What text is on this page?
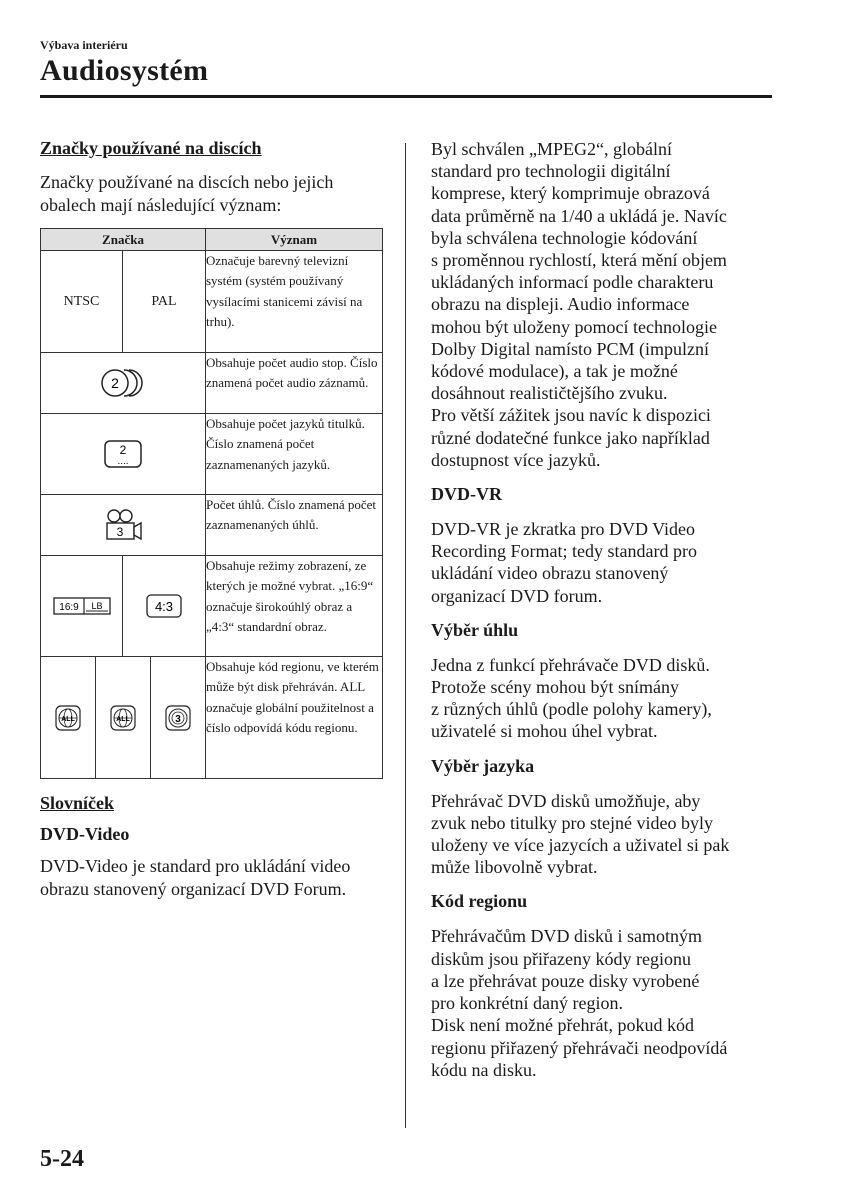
Výbava interiéru
Audiosystém
Značky používané na discích
Značky používané na discích nebo jejich obalech mají následující význam:
Značka				Význam
NTSC		PAL		Označuje barevný televizní systém (systém používaný vysílacími stanicemi závisí na trhu).

2				Obsahuje počet audio stop. Číslo znamená počet audio záznamů.

2
....				Obsahuje počet jazyků titulků. Číslo znamená počet zaznamenaných jazyků.

3				Počet úhlů. Číslo znamená počet zaznamenaných úhlů.

16:9 LB		4:3		Obsahuje režimy zobrazení, ze kterých je možné vybrat. „16:9“ označuje širokoúhlý obraz a „4:3“ standardní obraz.

ALL	ALL		3	Obsahuje kód regionu, ve kterém může být disk přehráván. ALL označuje globální použitelnost a číslo odpovídá kódu regionu.
Slovníček
DVD-Video
DVD-Video je standard pro ukládání video obrazu stanovený organizací DVD Forum.
Byl schválen „MPEG2“, globální
standard pro technologii digitální
komprese, který komprimuje obrazová
data průměrně na 1/40 a ukládá je. Navíc
byla schválena technologie kódování
s proměnnou rychlostí, která mění objem
ukládaných informací podle charakteru
obrazu na displeji. Audio informace
mohou být uloženy pomocí technologie
Dolby Digital namísto PCM (impulzní
kódové modulace), a tak je možné
dosáhnout realističtějšího zvuku.
Pro větší zážitek jsou navíc k dispozici
různé dodatečné funkce jako například
dostupnost více jazyků.
DVD-VR
DVD-VR je zkratka pro DVD Video
Recording Format; tedy standard pro
ukládání video obrazu stanovený
organizací DVD forum.
Výběr úhlu
Jedna z funkcí přehrávače DVD disků.
Protože scény mohou být snímány
z různých úhlů (podle polohy kamery),
uživatelé si mohou úhel vybrat.
Výběr jazyka
Přehrávač DVD disků umožňuje, aby
zvuk nebo titulky pro stejné video byly
uloženy ve více jazycích a uživatel si pak
může libovolně vybrat.
Kód regionu
Přehrávačům DVD disků i samotným
diskům jsou přiřazeny kódy regionu
a lze přehrávat pouze disky vyrobené
pro konkrétní daný region.
Disk není možné přehrát, pokud kód
regionu přiřazený přehrávači neodpovídá
kódu na disku.
5-24
